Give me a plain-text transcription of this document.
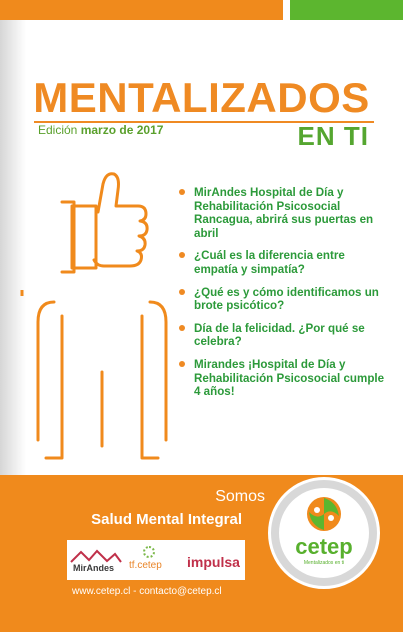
MENTALIZADOS
Edición marzo de 2017	EN TI
MirAndes Hospital de Día y Rehabilitación Psicosocial Rancagua, abrirá sus puertas en abril
¿Cuál es la diferencia entre empatía y simpatía?
¿Qué es y cómo identificamos un brote psicótico?
Día de la felicidad. ¿Por qué se celebra?
Mirandes ¡Hospital de Día y Rehabilitación Psicosocial cumple 4 años!
Somos
Salud Mental Integral
MirAndes tf.cetep impulsa
www.cetep.cl - contacto@cetep.cl
cetep
Mentalizados en ti
